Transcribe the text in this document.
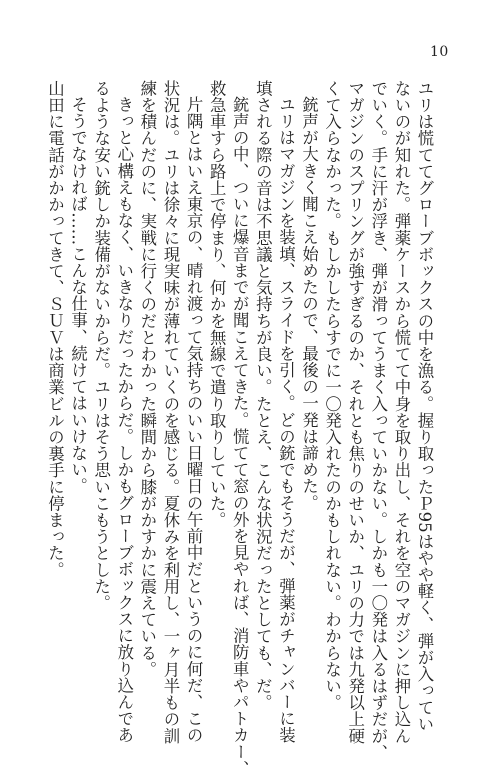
10
ユリは慌ててグローブボックスの中を漁る。握り取ったＰ95はやや軽く、弾が入ってい
ないのが知れた。弾薬ケースから慌てて中身を取り出し、それを空のマガジンに押し込ん
でいく。手に汗が浮き、弾が滑ってうまく入っていかない。しかも一〇発は入るはずだが、
マガジンのスプリングが強すぎるのか、それとも焦りのせいか、ユリの力では九発以上硬
くて入らなかった。もしかしたらすでに一〇発入れたのかもしれない。わからない。
銃声が大きく聞こえ始めたので、最後の一発は諦めた。
ユリはマガジンを装填、スライドを引く。どの銃でもそうだが、弾薬がチャンバーに装
填される際の音は不思議と気持ちが良い。たとえ、こんな状況だったとしても、だ。
銃声の中、ついに爆音までが聞こえてきた。慌てて窓の外を見やれば、消防車やパトカー、
救急車すら路上で停まり、何かを無線で遣り取りしていた。
片隅とはいえ東京の、晴れ渡って気持ちのいい日曜日の午前中だというのに何だ、この
状況は。ユリは徐々に現実味が薄れていくのを感じる。夏休みを利用し、一ヶ月半もの訓
練を積んだのに、実戦に行くのだとわかった瞬間から膝がかすかに震えている。
きっと心構えもなく、いきなりだったからだ。しかもグローブボックスに放り込んであ
るような安い銃しか装備がないからだ。ユリはそう思いこもうとした。
そうでなければ……こんな仕事、続けてはいけない。
山田に電話がかかってきて、ＳＵＶは商業ビルの裏手に停まった。
